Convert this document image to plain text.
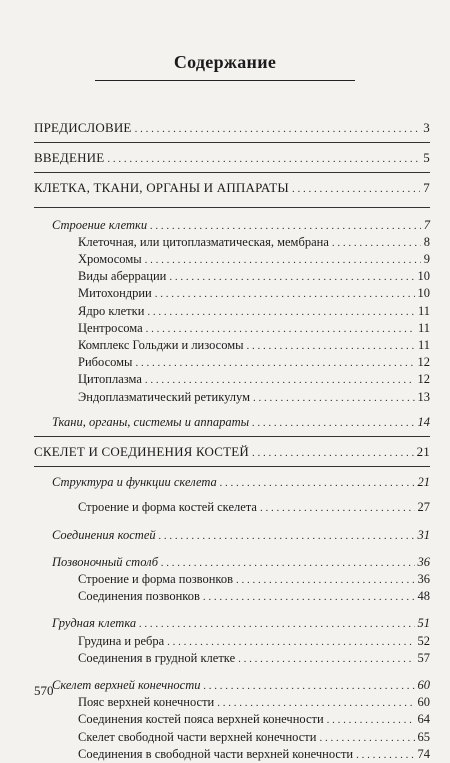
Содержание
ПРЕДИСЛОВИЕ . . .	3
ВВЕДЕНИЕ . . .	5
КЛЕТКА, ТКАНИ, ОРГАНЫ И АППАРАТЫ . . .	7
Строение клетки . . .	7
Клеточная, или цитоплазматическая, мембрана . . .	8
Хромосомы . . .	9
Виды аберрации . . .	10
Митохондрии . . .	10
Ядро клетки . . .	11
Центросома . . .	11
Комплекс Гольджи и лизосомы . . .	11
Рибосомы . . .	12
Цитоплазма . . .	12
Эндоплазматический ретикулум . . .	13
Ткани, органы, системы и аппараты . . .	14
СКЕЛЕТ И СОЕДИНЕНИЯ КОСТЕЙ . . .	21
Структура и функции скелета . . .	21
Строение и форма костей скелета . . .	27
Соединения костей . . .	31
Позвоночный столб . . .	36
Строение и форма позвонков . . .	36
Соединения позвонков . . .	48
Грудная клетка . . .	51
Грудина и ребра . . .	52
Соединения в грудной клетке . . .	57
Скелет верхней конечности . . .	60
Пояс верхней конечности . . .	60
Соединения костей пояса верхней конечности . . .	64
Скелет свободной части верхней конечности . . .	65
Соединения в свободной части верхней конечности . . .	74
570
